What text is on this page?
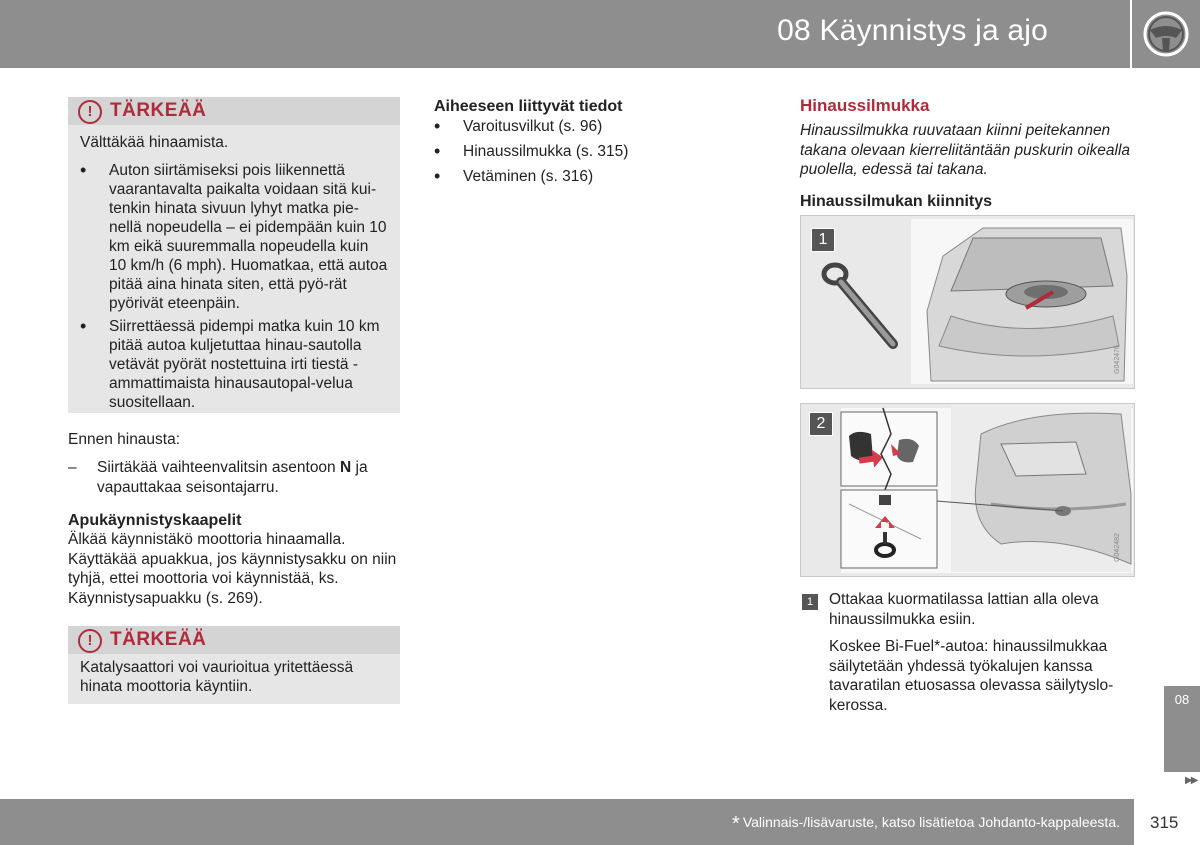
08 Käynnistys ja ajo
! TÄRKEÄÄ
Välttäkää hinaamista.
• Auton siirtämiseksi pois liikennettä vaarantavalta paikalta voidaan sitä kui-tenkin hinata sivuun lyhyt matka pie-nellä nopeudella – ei pidempään kuin 10 km eikä suuremmalla nopeudella kuin 10 km/h (6 mph). Huomatkaa, että autoa pitää aina hinata siten, että pyö-rät pyörivät eteenpäin.
• Siirrettäessä pidempi matka kuin 10 km pitää autoa kuljetuttaa hinau-sautolla vetävät pyörät nostettuina irti tiestä - ammattimaista hinausautopal-velua suositellaan.
Ennen hinausta:
– Siirtäkää vaihteenvalitsin asentoon N ja vapauttakaa seisontajarru.
Apukäynnistyskaapelit
Älkää käynnistäkö moottoria hinaamalla. Käyttäkää apuakkua, jos käynnistysakku on niin tyhjä, ettei moottoria voi käynnistää, ks. Käynnistysapuakku (s. 269).
! TÄRKEÄÄ
Katalysaattori voi vaurioitua yritettäessä hinata moottoria käyntiin.
Aiheeseen liittyvät tiedot
• Varoitusvilkut (s. 96)
• Hinaussilmukka (s. 315)
• Vetäminen (s. 316)
Hinaussilmukka
Hinaussilmukka ruuvataan kiinni peitekannen takana olevaan kierreliitäntään puskurin oikealla puolella, edessä tai takana.
Hinaussilmukan kiinnitys
1
G042476
2
G042482
1	Ottakaa kuormatilassa lattian alla oleva hinaussilmukka esiin.
Koskee Bi-Fuel*-autoa: hinaussilmukkaa säilytetään yhdessä työkalujen kanssa tavaratilan etuosassa olevassa säilytyslo-kerossa.	08
▶▶
* Valinnais-/lisävaruste, katso lisätietoa Johdanto-kappaleesta. 315
